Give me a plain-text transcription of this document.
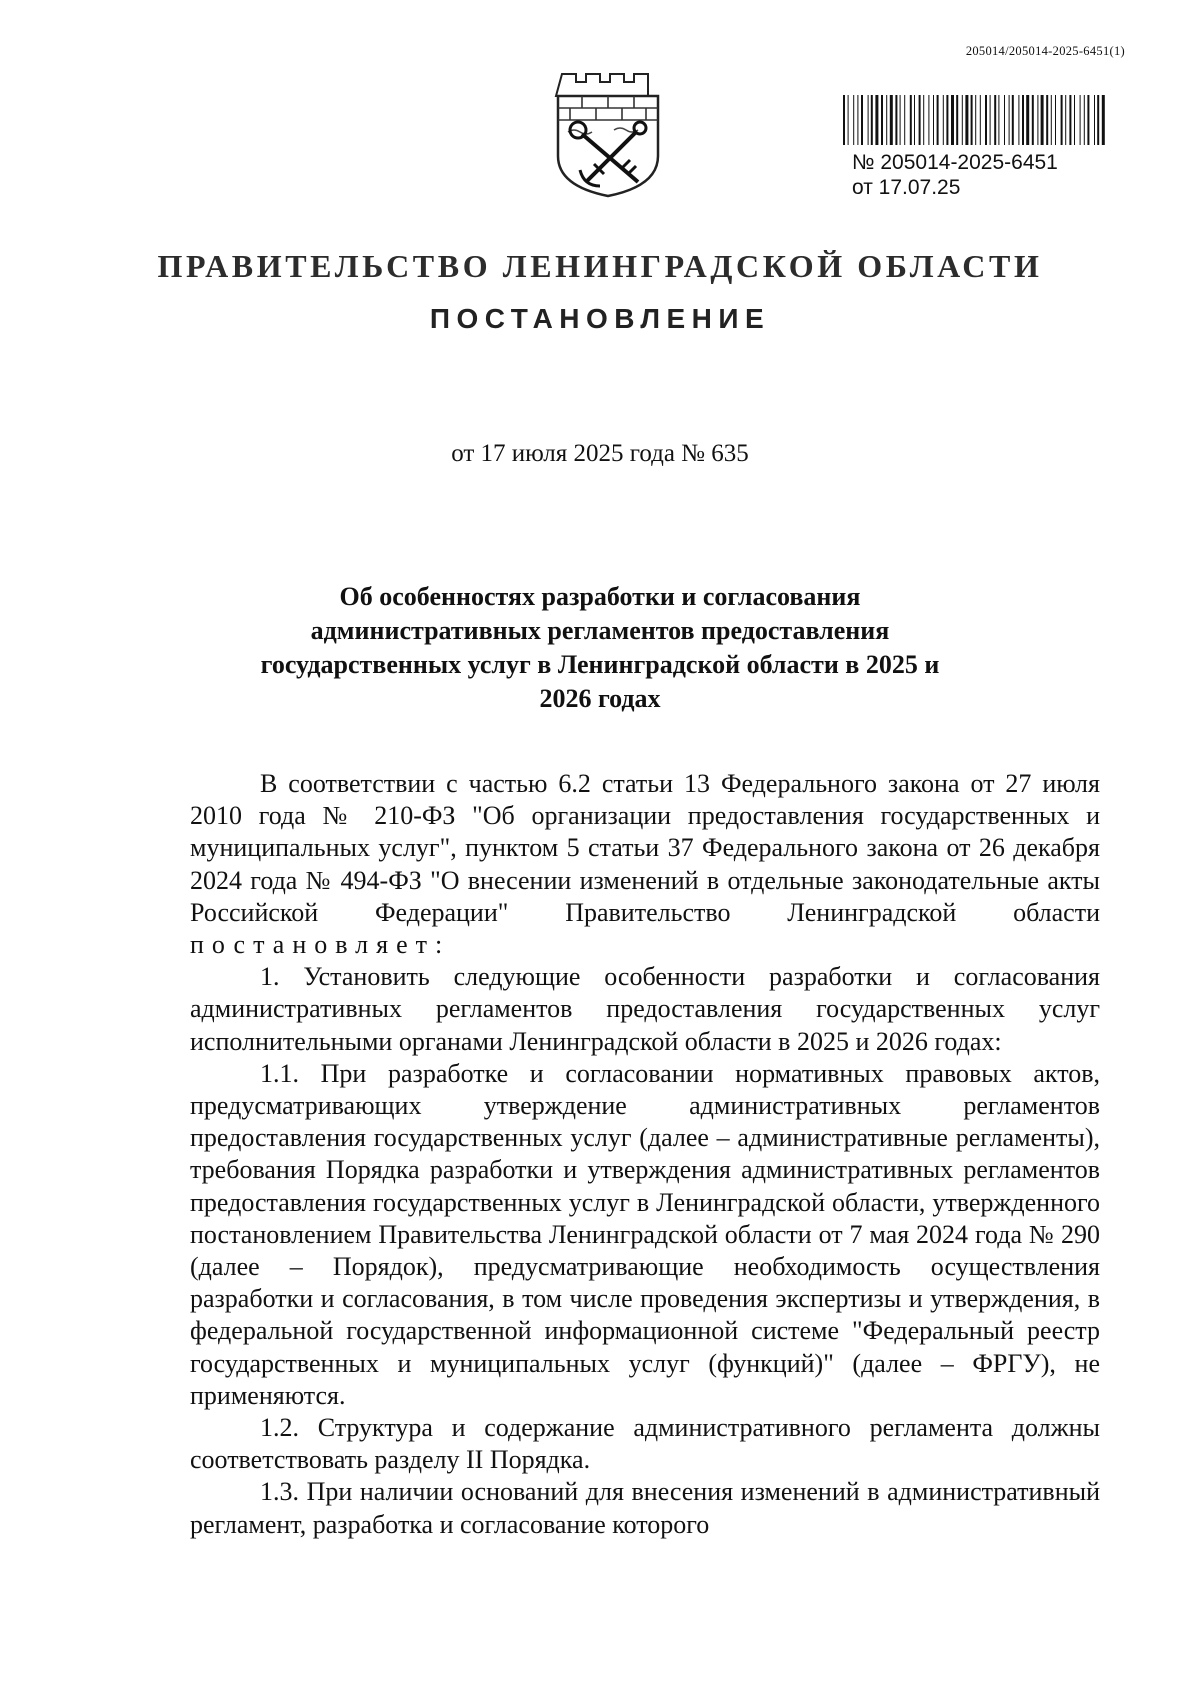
205014/205014-2025-6451(1)
№ 205014-2025-6451
от 17.07.25
ПРАВИТЕЛЬСТВО ЛЕНИНГРАДСКОЙ ОБЛАСТИ
ПОСТАНОВЛЕНИЕ
от 17 июля 2025 года № 635
Об особенностях разработки и согласования административных регламентов предоставления государственных услуг в Ленинградской области в 2025 и 2026 годах

В соответствии с частью 6.2 статьи 13 Федерального закона от 27 июля 2010 года № 210-ФЗ "Об организации предоставления государственных и муниципальных услуг", пунктом 5 статьи 37 Федерального закона от 26 декабря 2024 года № 494-ФЗ "О внесении изменений в отдельные законодательные акты Российской Федерации" Правительство Ленинградской области постановляет:

1. Установить следующие особенности разработки и согласования административных регламентов предоставления государственных услуг исполнительными органами Ленинградской области в 2025 и 2026 годах:

1.1. При разработке и согласовании нормативных правовых актов, предусматривающих утверждение административных регламентов предоставления государственных услуг (далее – административные регламенты), требования Порядка разработки и утверждения административных регламентов предоставления государственных услуг в Ленинградской области, утвержденного постановлением Правительства Ленинградской области от 7 мая 2024 года № 290 (далее – Порядок), предусматривающие необходимость осуществления разработки и согласования, в том числе проведения экспертизы и утверждения, в федеральной государственной информационной системе "Федеральный реестр государственных и муниципальных услуг (функций)" (далее – ФРГУ), не применяются.

1.2. Структура и содержание административного регламента должны соответствовать разделу II Порядка.

1.3. При наличии оснований для внесения изменений в административный регламент, разработка и согласование которого
